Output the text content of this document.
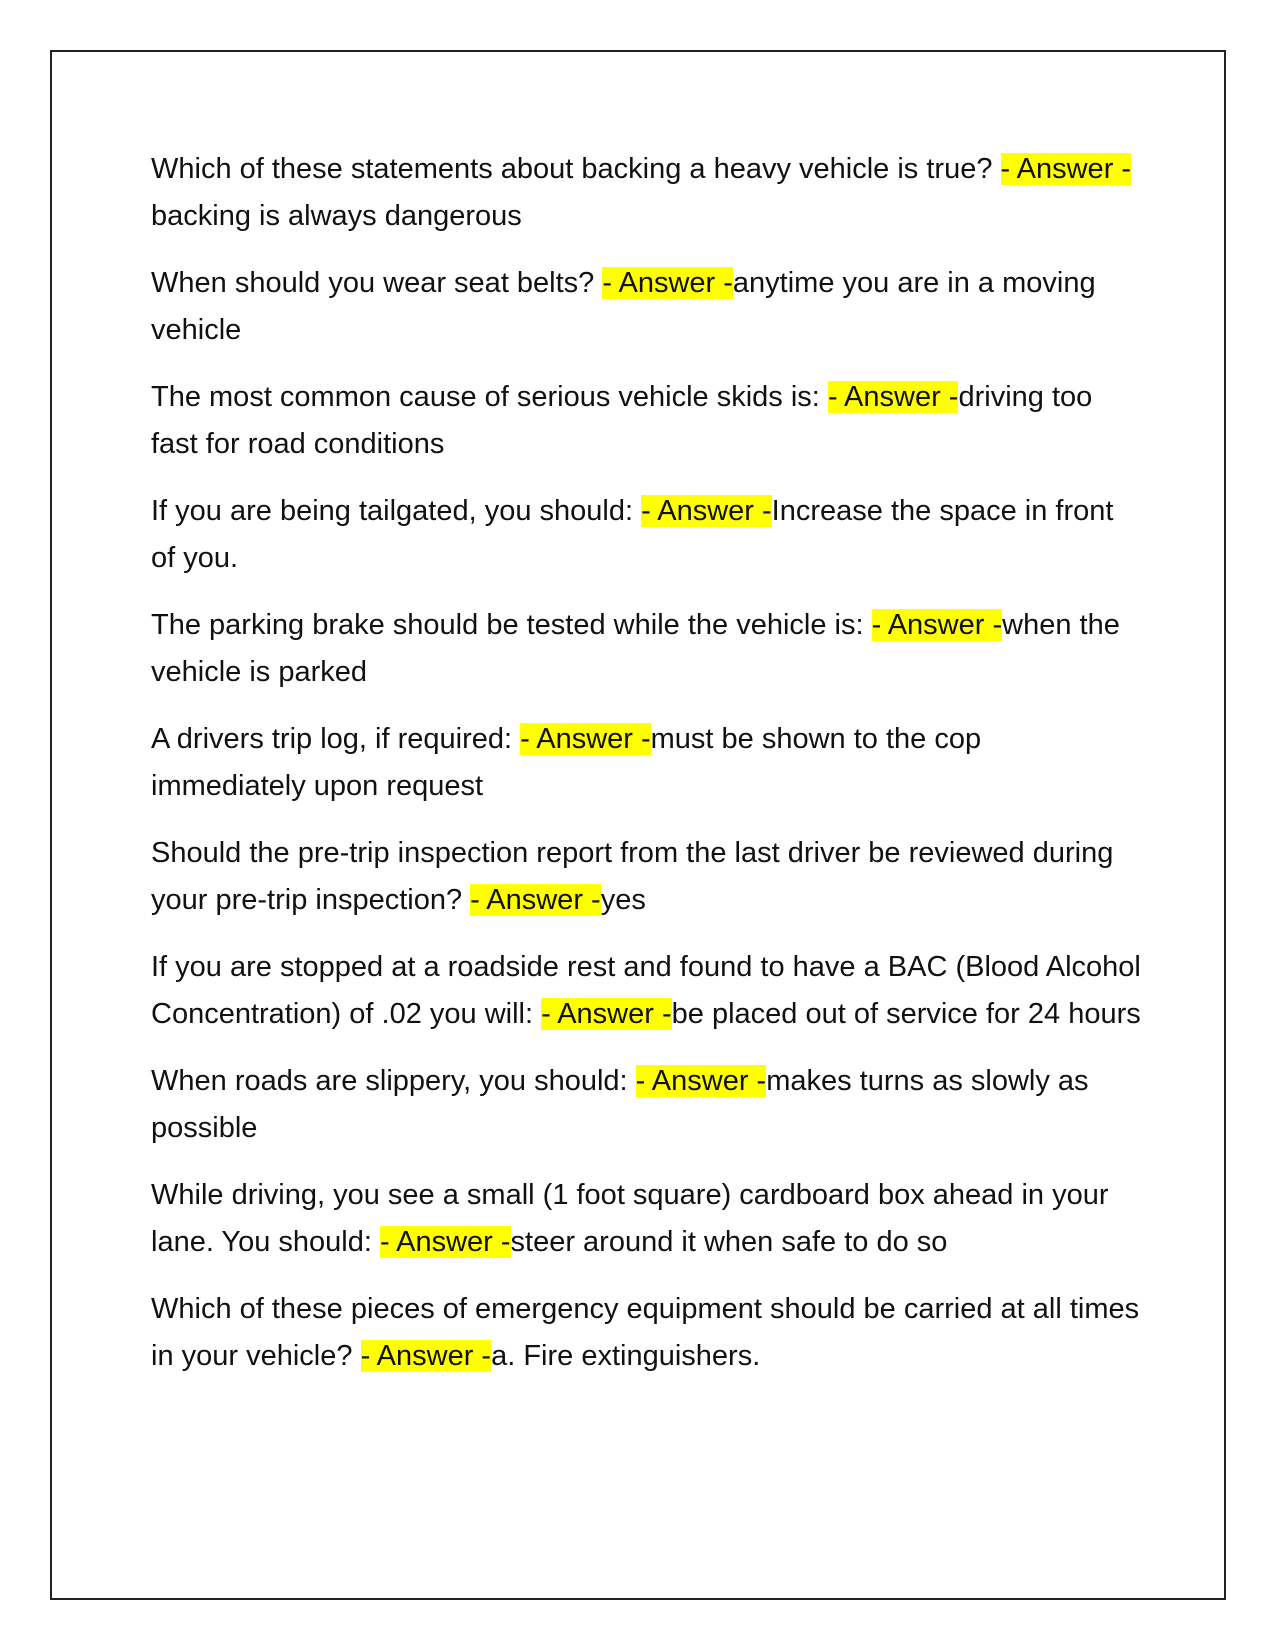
Which of these statements about backing a heavy vehicle is true? - Answer -backing is always dangerous

When should you wear seat belts? - Answer -anytime you are in a moving vehicle

The most common cause of serious vehicle skids is: - Answer -driving too fast for road conditions

If you are being tailgated, you should: - Answer -Increase the space in front of you.

The parking brake should be tested while the vehicle is: - Answer -when the vehicle is parked

A drivers trip log, if required: - Answer -must be shown to the cop immediately upon request

Should the pre-trip inspection report from the last driver be reviewed during your pre-trip inspection? - Answer -yes

If you are stopped at a roadside rest and found to have a BAC (Blood Alcohol Concentration) of .02 you will: - Answer -be placed out of service for 24 hours

When roads are slippery, you should: - Answer -makes turns as slowly as possible

While driving, you see a small (1 foot square) cardboard box ahead in your lane. You should: - Answer -steer around it when safe to do so

Which of these pieces of emergency equipment should be carried at all times in your vehicle? - Answer -a. Fire extinguishers.
